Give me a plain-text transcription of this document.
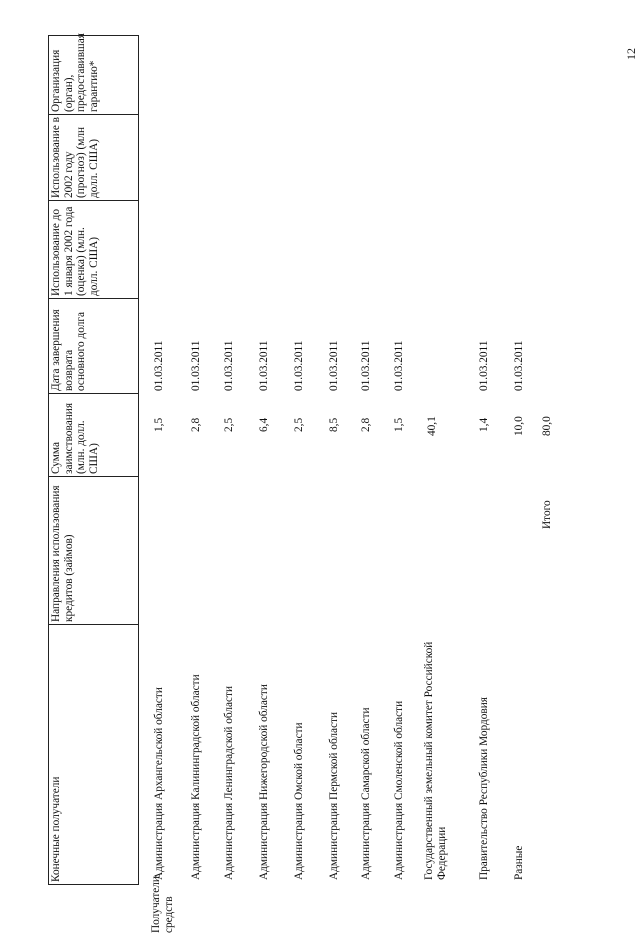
12
Конечные получатели
Направления использования кредитов (займов)
Сумма заимствования (млн. долл. США)
Дата завершения возврата основного долга
Использование до 1 января 2002 года (оценка) (млн. долл. США)
Использование в 2002 году (прогноз) (млн долл. США)
Организация (орган), предоставившая гарантию*
Получатели средств
Администрация Архангельской области
1,5
01.03.2011
Администрация Калининградской области
2,8
01.03.2011
Администрация Ленинградской области
2,5
01.03.2011
Администрация Нижегородской области
6,4
01.03.2011
Администрация Омской области
2,5
01.03.2011
Администрация Пермской области
8,5
01.03.2011
Администрация Самарской области
2,8
01.03.2011
Администрация Смоленской области
1,5
01.03.2011
Государственный земельный комитет Российской Федерации
40,1
Правительство Республики Мордовия
1,4
01.03.2011
Разные
10,0
01.03.2011
Итого
80,0
